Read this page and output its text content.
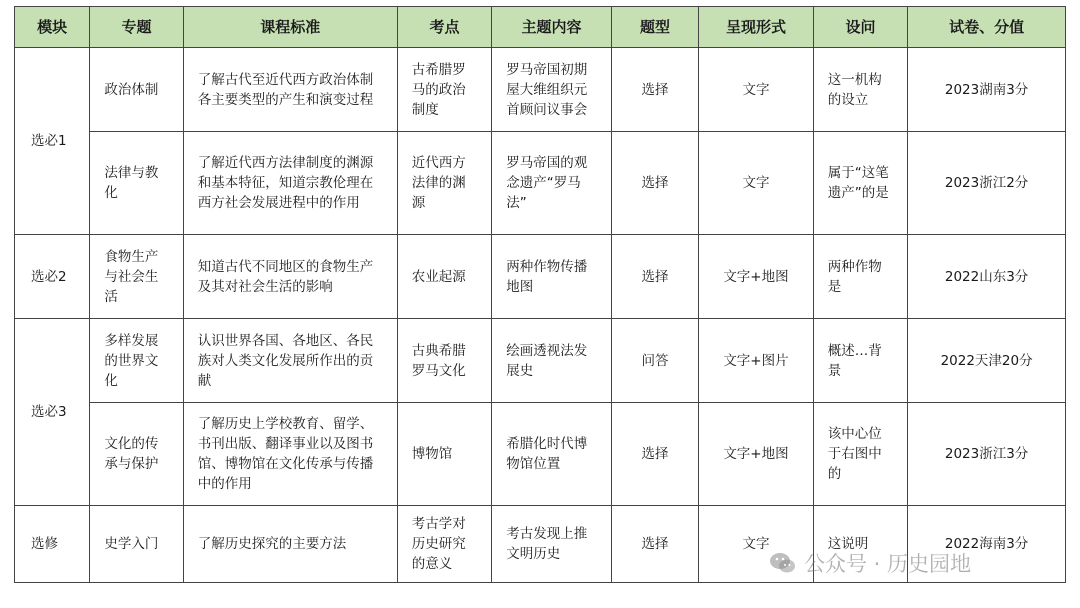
模块	专题	课程标准	考点	主题内容	题型	呈现形式	设问	试卷、分值
选必1	政治体制	了解古代至近代西方政治体制各主要类型的产生和演变过程	古希腊罗马的政治制度	罗马帝国初期屋大维组织元首顾问议事会	选择	文字	这一机构的设立	2023湖南3分
	法律与教化	了解近代西方法律制度的渊源和基本特征，知道宗教伦理在西方社会发展进程中的作用	近代西方法律的渊源	罗马帝国的观念遗产“罗马法”	选择	文字	属于“这笔遗产”的是	2023浙江2分
选必2	食物生产与社会生活	知道古代不同地区的食物生产及其对社会生活的影响	农业起源	两种作物传播地图	选择	文字+地图	两种作物是	2022山东3分
选必3	多样发展的世界文化	认识世界各国、各地区、各民族对人类文化发展所作出的贡献	古典希腊罗马文化	绘画透视法发展史	问答	文字+图片	概述…背景	2022天津20分
	文化的传承与保护	了解历史上学校教育、留学、书刊出版、翻译事业以及图书馆、博物馆在文化传承与传播中的作用	博物馆	希腊化时代博物馆位置	选择	文字+地图	该中心位于右图中的	2023浙江3分
选修	史学入门	了解历史探究的主要方法	考古学对历史研究的意义	考古发现上推文明历史	选择	文字	这说明	2022海南3分
公众号 · 历史园地
